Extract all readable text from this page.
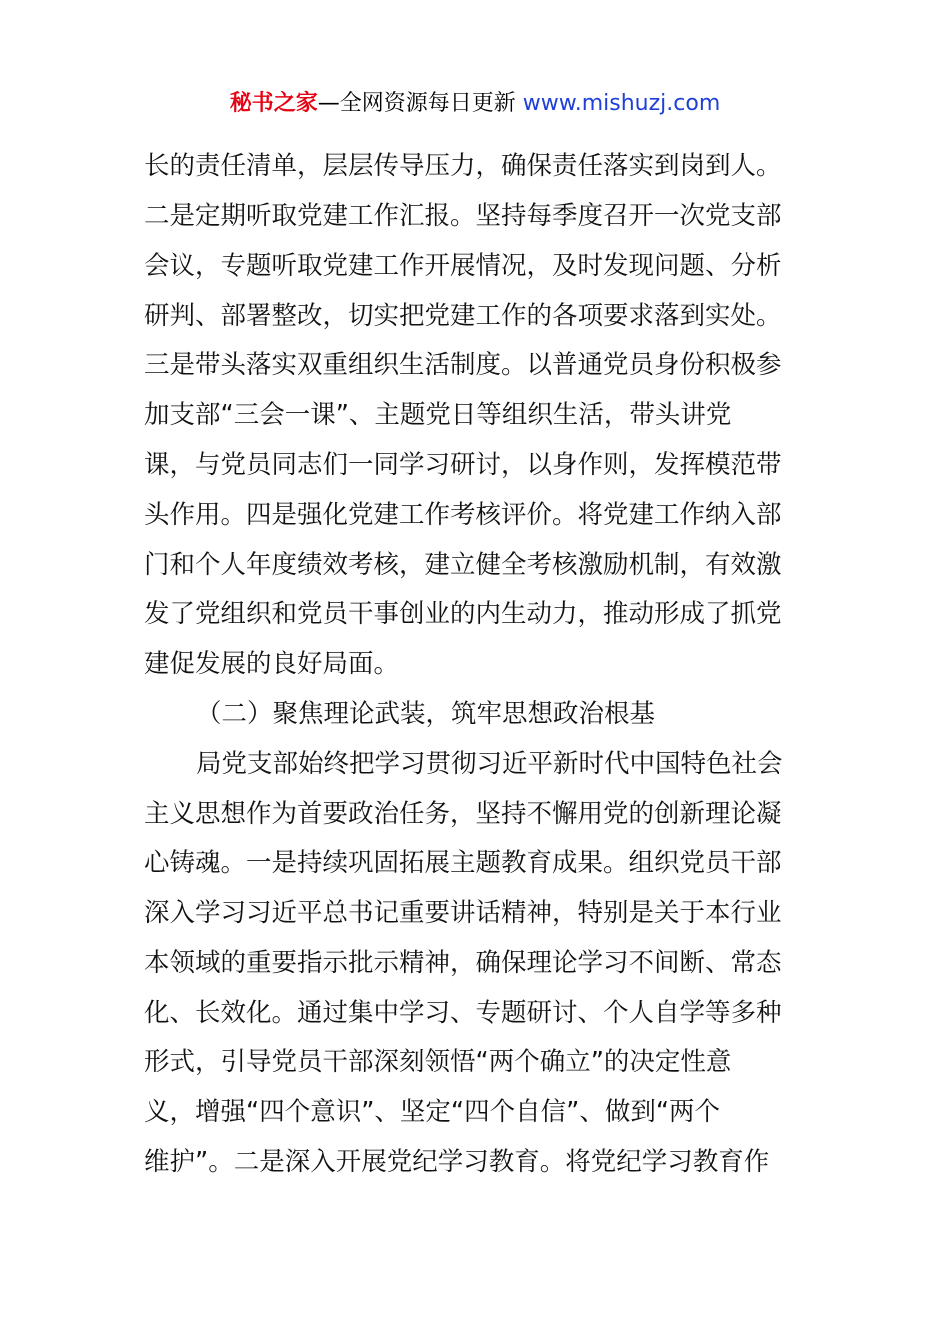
秘书之家—全网资源每日更新 www.mishuzj.com
长的责任清单，层层传导压力，确保责任落实到岗到人。
二是定期听取党建工作汇报。坚持每季度召开一次党支部
会议，专题听取党建工作开展情况，及时发现问题、分析
研判、部署整改，切实把党建工作的各项要求落到实处。
三是带头落实双重组织生活制度。以普通党员身份积极参
加支部“三会一课”、主题党日等组织生活，带头讲党
课，与党员同志们一同学习研讨，以身作则，发挥模范带
头作用。四是强化党建工作考核评价。将党建工作纳入部
门和个人年度绩效考核，建立健全考核激励机制，有效激
发了党组织和党员干事创业的内生动力，推动形成了抓党
建促发展的良好局面。
（二）聚焦理论武装，筑牢思想政治根基
局党支部始终把学习贯彻习近平新时代中国特色社会
主义思想作为首要政治任务，坚持不懈用党的创新理论凝
心铸魂。一是持续巩固拓展主题教育成果。组织党员干部
深入学习习近平总书记重要讲话精神，特别是关于本行业
本领域的重要指示批示精神，确保理论学习不间断、常态
化、长效化。通过集中学习、专题研讨、个人自学等多种
形式，引导党员干部深刻领悟“两个确立”的决定性意
义，增强“四个意识”、坚定“四个自信”、做到“两个
维护”。二是深入开展党纪学习教育。将党纪学习教育作
